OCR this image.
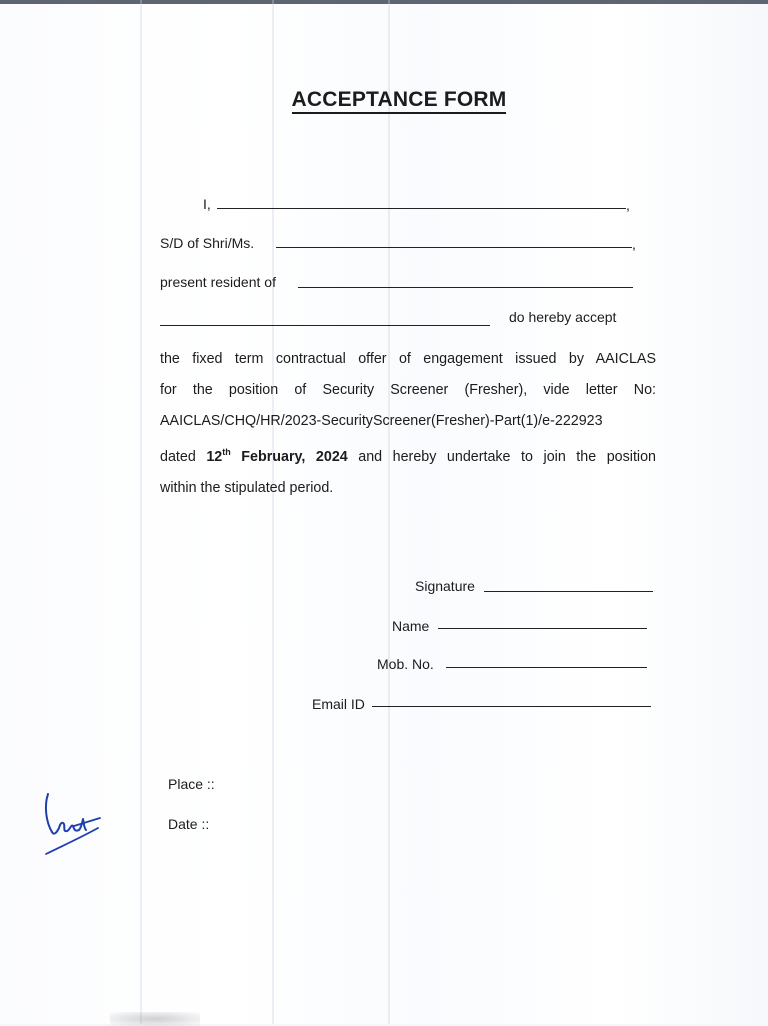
ACCEPTANCE FORM
I,	,
S/D of Shri/Ms.	,
present resident of
do hereby accept
the fixed term contractual offer of engagement issued by AAICLAS
for the position of Security Screener (Fresher), vide letter No:
AAICLAS/CHQ/HR/2023-SecurityScreener(Fresher)-Part(1)/e-222923
dated 12th February, 2024 and hereby undertake to join the position
within the stipulated period.
Signature
Name
Mob. No.
Email ID
Place ::
Date ::
